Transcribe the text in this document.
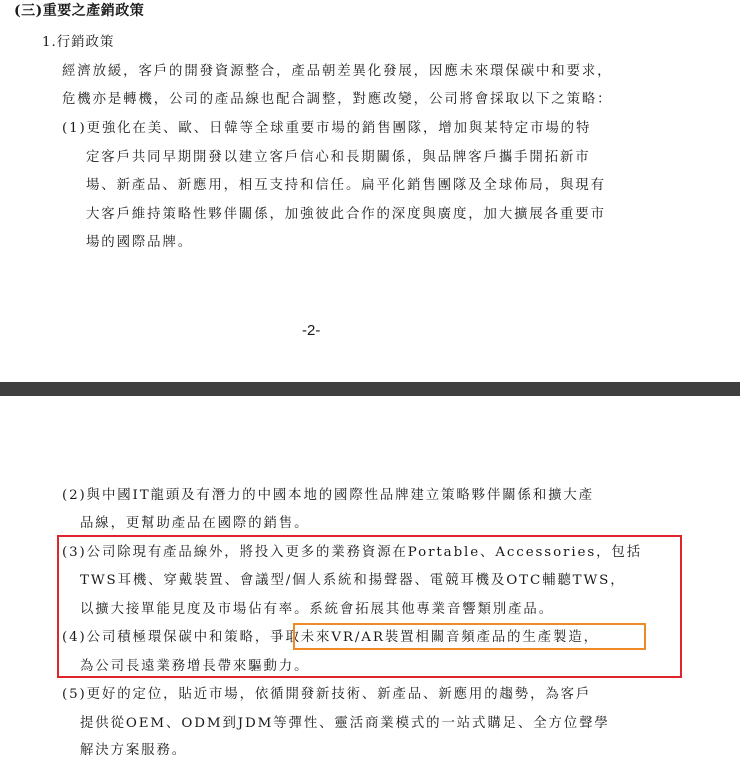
(三)重要之產銷政策
1.行銷政策
經濟放緩，客戶的開發資源整合，產品朝差異化發展，因應未來環保碳中和要求，
危機亦是轉機，公司的產品線也配合調整，對應改變，公司將會採取以下之策略：
(1)更強化在美、歐、日韓等全球重要市場的銷售團隊，增加與某特定市場的特
定客戶共同早期開發以建立客戶信心和長期關係，與品牌客戶攜手開拓新市
場、新產品、新應用，相互支持和信任。扁平化銷售團隊及全球佈局，與現有
大客戶維持策略性夥伴關係，加強彼此合作的深度與廣度，加大擴展各重要市
場的國際品牌。
-2-
(2)與中國IT龍頭及有潛力的中國本地的國際性品牌建立策略夥伴關係和擴大產
品線，更幫助產品在國際的銷售。
(3)公司除現有產品線外，將投入更多的業務資源在Portable、Accessories，包括
TWS耳機、穿戴裝置、會議型/個人系統和揚聲器、電競耳機及OTC輔聽TWS，
以擴大接單能見度及市場佔有率。系統會拓展其他專業音響類別產品。
(4)公司積極環保碳中和策略，爭取未來VR/AR裝置相關音頻產品的生產製造，
為公司長遠業務增長帶來驅動力。
(5)更好的定位，貼近市場，依循開發新技術、新產品、新應用的趨勢，為客戶
提供從OEM、ODM到JDM等彈性、靈活商業模式的一站式購足、全方位聲學
解決方案服務。
